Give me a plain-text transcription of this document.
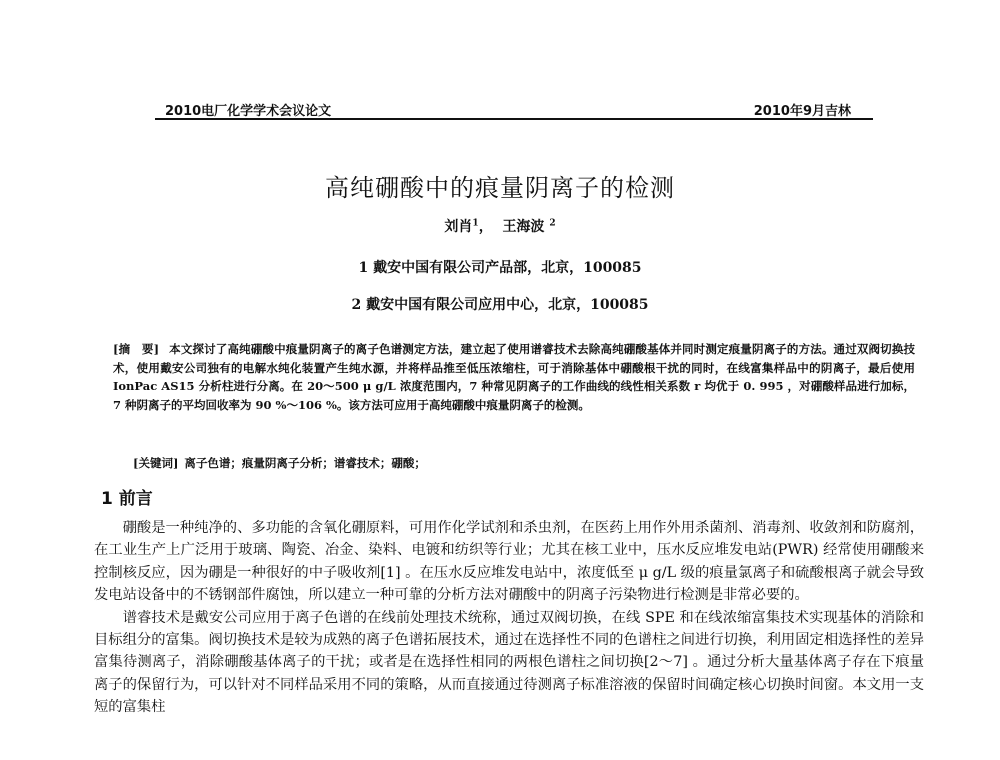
2010电厂化学学术会议论文	2010年9月吉林
高纯硼酸中的痕量阴离子的检测
刘肖$^1$， 王海波 $^2$
1 戴安中国有限公司产品部，北京，100085
2 戴安中国有限公司应用中心，北京，100085
[摘　要] 本文探讨了高纯硼酸中痕量阴离子的离子色谱测定方法，建立起了使用谱睿技术去除高纯硼酸基体并同时测定痕量阴离子的方法。通过双阀切换技术，使用戴安公司独有的电解水纯化装置产生纯水源，并将样品推至低压浓缩柱，可于消除基体中硼酸根干扰的同时，在线富集样品中的阴离子，最后使用 IonPac AS15 分析柱进行分离。在 20～500 μ g/L 浓度范围内，7 种常见阴离子的工作曲线的线性相关系数 r 均优于 0. 995 ，对硼酸样品进行加标，7 种阴离子的平均回收率为 90 %～106 %。该方法可应用于高纯硼酸中痕量阴离子的检测。
[关键词] 离子色谱；痕量阴离子分析；谱睿技术；硼酸；
1 前言

硼酸是一种纯净的、多功能的含氧化硼原料，可用作化学试剂和杀虫剂，在医药上用作外用杀菌剂、消毒剂、收敛剂和防腐剂，在工业生产上广泛用于玻璃、陶瓷、冶金、染料、电镀和纺织等行业；尤其在核工业中，压水反应堆发电站(PWR) 经常使用硼酸来控制核反应，因为硼是一种很好的中子吸收剂[1] 。在压水反应堆发电站中，浓度低至 μ g/L 级的痕量氯离子和硫酸根离子就会导致发电站设备中的不锈钢部件腐蚀，所以建立一种可靠的分析方法对硼酸中的阴离子污染物进行检测是非常必要的。

谱睿技术是戴安公司应用于离子色谱的在线前处理技术统称，通过双阀切换，在线 SPE 和在线浓缩富集技术实现基体的消除和目标组分的富集。阀切换技术是较为成熟的离子色谱拓展技术，通过在选择性不同的色谱柱之间进行切换，利用固定相选择性的差异富集待测离子，消除硼酸基体离子的干扰；或者是在选择性相同的两根色谱柱之间切换[2～7] 。通过分析大量基体离子存在下痕量离子的保留行为，可以针对不同样品采用不同的策略，从而直接通过待测离子标准溶液的保留时间确定核心切换时间窗。本文用一支短的富集柱
